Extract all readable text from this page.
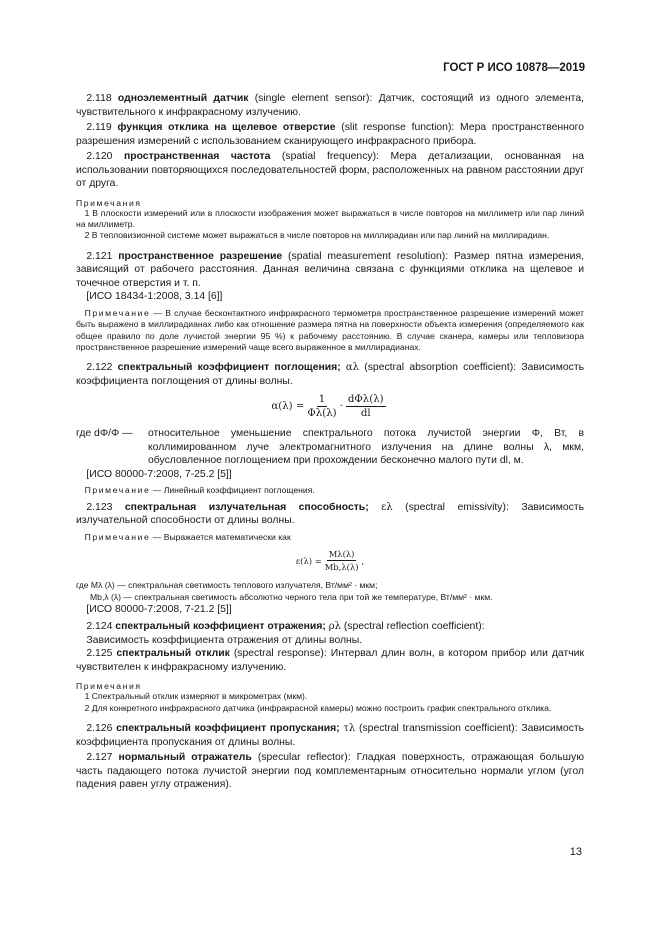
ГОСТ Р ИСО 10878—2019

 2.118 одноэлементный датчик (single element sensor): Датчик, состоящий из одного элемента, чувствительного к инфракрасному излучению.

 2.119 функция отклика на щелевое отверстие (slit response function): Мера пространственного разрешения измерений с использованием сканирующего инфракрасного прибора.

 2.120 пространственная частота (spatial frequency): Мера детализации, основанная на использовании повторяющихся последовательностей форм, расположенных на равном расстоянии друг от друга.

Примечания
 1 В плоскости измерений или в плоскости изображения может выражаться в числе повторов на миллиметр или пар линий на миллиметр.
 2 В тепловизионной системе может выражаться в числе повторов на миллирадиан или пар линий на миллирадиан.

 2.121 пространственное разрешение (spatial measurement resolution): Размер пятна измерения, зависящий от рабочего расстояния. Данная величина связана с функциями отклика на щелевое и точечное отверстия и т. п.

 [ИСО 18434-1:2008, 3.14 [6]]

 Примечание — В случае бесконтактного инфракрасного термометра пространственное разрешение измерений может быть выражено в миллирадианах либо как отношение размера пятна на поверхности объекта измерения (определяемого как общее правило по доле лучистой энергии 95 %) к рабочему расстоянию. В случае сканера, камеры или тепловизора пространственное разрешение измерений чаще всего выраженное в миллирадианах.

 2.122 спектральный коэффициент поглощения; αλ (spectral absorption coefficient): Зависимость коэффициента поглощения от длины волны.

$\alpha(\lambda) = \frac{1}{\Phi\lambda(\lambda)} \cdot \frac{\text{dΦλ(λ)}}{dl}$
где dΦ/Φ —	относительное уменьшение спектрального потока лучистой энергии Φ, Вт, в коллимированном луче электромагнитного излучения на длине волны λ, мкм, обусловленное поглощением при прохождении бесконечно малого пути dl, м.

 [ИСО 80000-7:2008, 7-25.2 [5]]

 Примечание — Линейный коэффициент поглощения.

 2.123 спектральная излучательная способность; ελ (spectral emissivity): Зависимость излучательной способности от длины волны.

 Примечание — Выражается математически как
$\varepsilon(\lambda) = \frac{M\lambda(\lambda)}{Mb,\lambda(\lambda)}$ ,
где Mλ (λ) — спектральная светимость теплового излучателя, Вт/мм² · мкм;
Mb,λ (λ) — спектральная светимость абсолютно черного тела при той же температуре, Вт/мм² · мкм.

 [ИСО 80000-7:2008, 7-21.2 [5]]

 2.124 спектральный коэффициент отражения; ρλ (spectral reflection coefficient):

 Зависимость коэффициента отражения от длины волны.

 2.125 спектральный отклик (spectral response): Интервал длин волн, в котором прибор или датчик чувствителен к инфракрасному излучению.

Примечания
 1 Спектральный отклик измеряют в микрометрах (мкм).
 2 Для конкретного инфракрасного датчика (инфракрасной камеры) можно построить график спектрального отклика.

 2.126 спектральный коэффициент пропускания; τλ (spectral transmission coefficient): Зависимость коэффициента пропускания от длины волны.

 2.127 нормальный отражатель (specular reflector): Гладкая поверхность, отражающая большую часть падающего потока лучистой энергии под комплементарным относительно нормали углом (угол падения равен углу отражения).

13
